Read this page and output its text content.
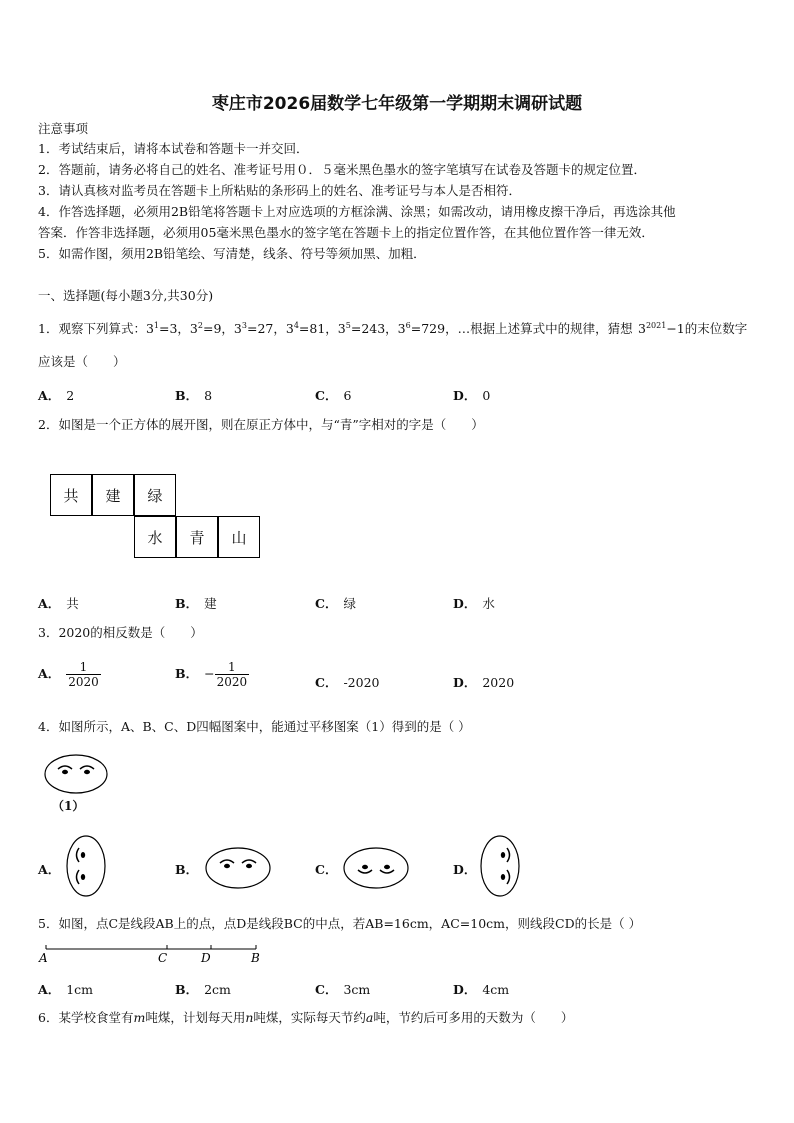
枣庄市2026届数学七年级第一学期期末调研试题
注意事项
1．考试结束后，请将本试卷和答题卡一并交回．
2．答题前，请务必将自己的姓名、准考证号用０．５毫米黑色墨水的签字笔填写在试卷及答题卡的规定位置．
3．请认真核对监考员在答题卡上所粘贴的条形码上的姓名、准考证号与本人是否相符．
4．作答选择题，必须用2B铅笔将答题卡上对应选项的方框涂满、涂黑；如需改动，请用橡皮擦干净后，再选涂其他
答案．作答非选择题，必须用05毫米黑色墨水的签字笔在答题卡上的指定位置作答，在其他位置作答一律无效．
5．如需作图，须用2B铅笔绘、写清楚，线条、符号等须加黑、加粗．
一、选择题(每小题3分,共30分)
1．观察下列算式：$3^1=3$，$3^2=9$，$3^3=27$，$3^4=81$，$3^5=243$，$3^6=729$，…根据上述算式中的规律，猜想 $3^{2021}-1$的末位数字
应该是（　　）
A． 2	B． 8	C． 6	D． 0
2．如图是一个正方体的展开图，则在原正方体中，与“青”字相对的字是（　　）
共	建	绿
水	青	山
A． 共	B． 建	C． 绿	D． 水
3．2020的相反数是（　　）
A． $\frac{1}{2020}$	B． − $\frac{1}{2020}$	C． -2020	D． 2020
4．如图所示，A、B、C、D四幅图案中，能通过平移图案（1）得到的是（ ）
（1）
A．	B．	C．	D．
5．如图，点C是线段AB上的点，点D是线段BC的中点，若AB=16cm，AC=10cm，则线段CD的长是（ ）
A	C	D	B
A． 1cm	B． 2cm	C． 3cm	D． 4cm
6．某学校食堂有m吨煤，计划每天用n吨煤，实际每天节约a吨，节约后可多用的天数为（　　）
